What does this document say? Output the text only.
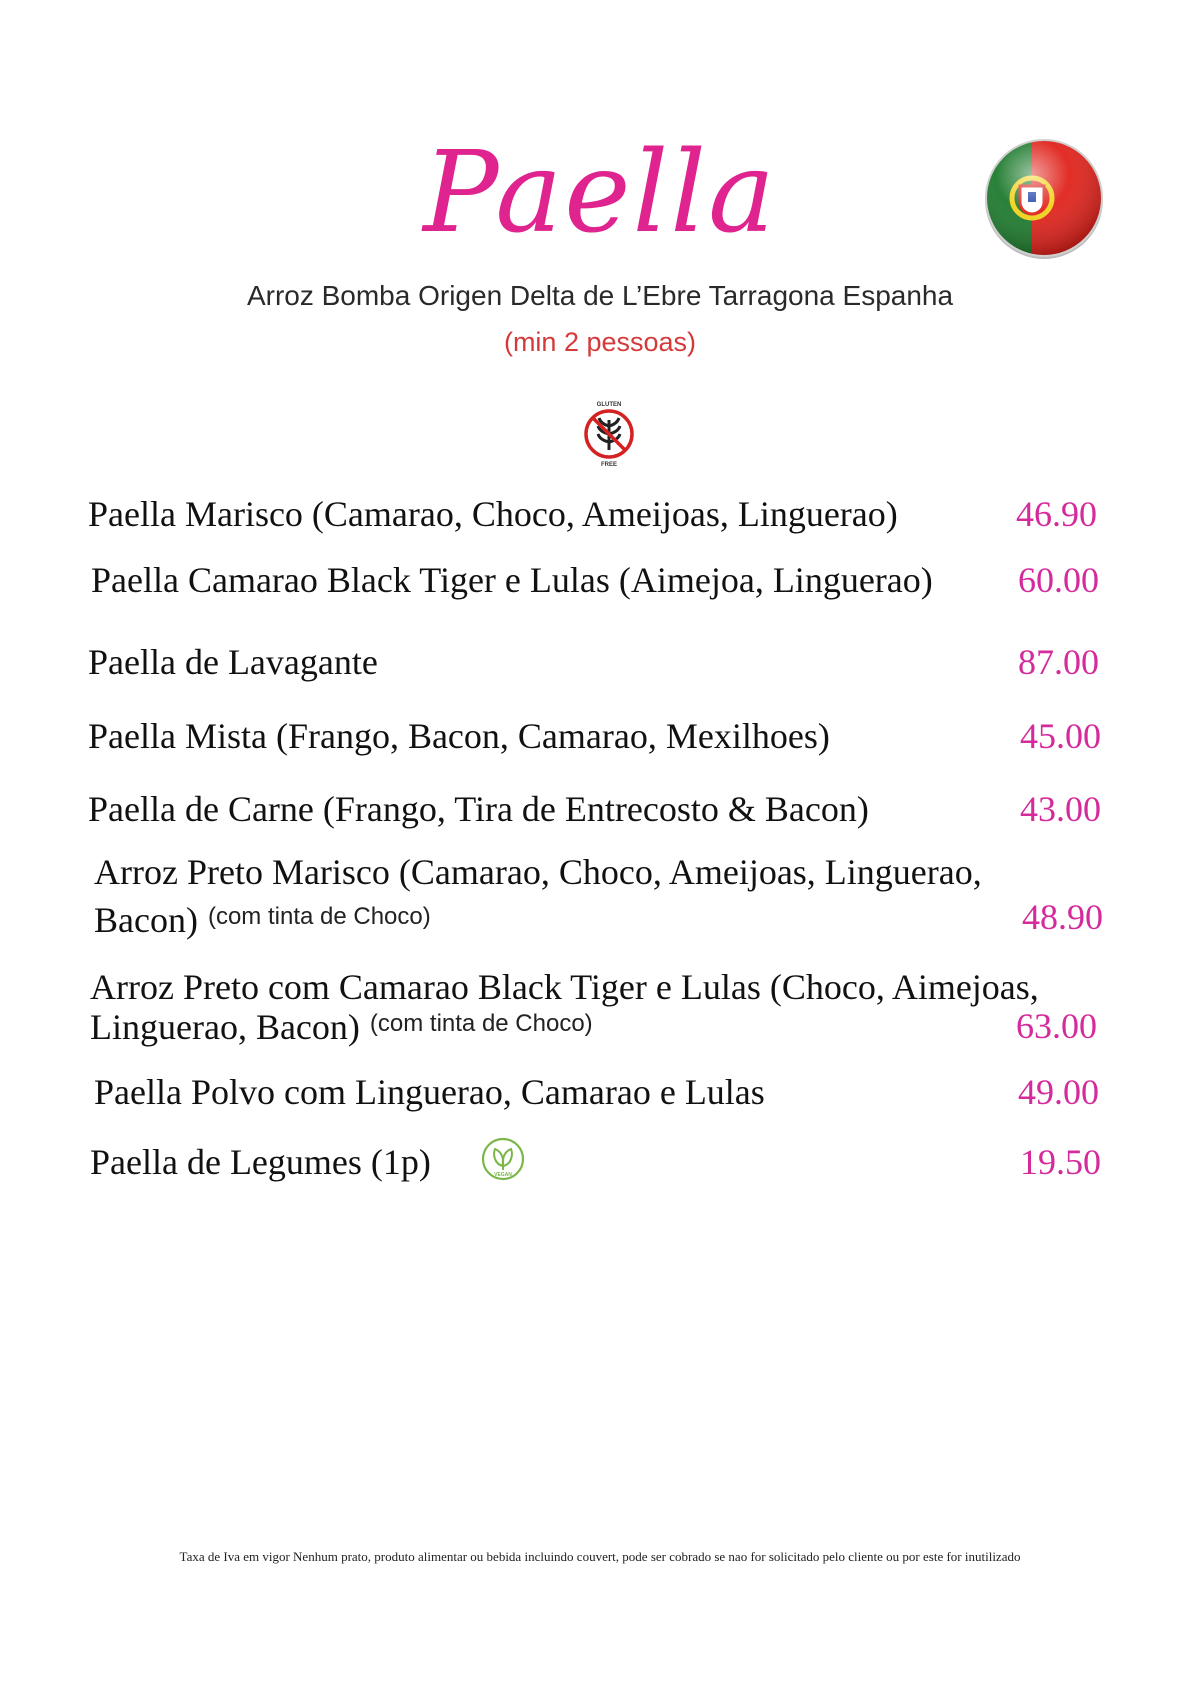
Paella
Arroz Bomba Origen Delta de L’Ebre Tarragona Espanha
(min 2 pessoas)
GLUTEN
FREE
Paella Marisco (Camarao, Choco, Ameijoas, Linguerao)	46.90
Paella Camarao Black Tiger e Lulas (Aimejoa, Linguerao) 60.00
Paella de Lavagante	87.00
Paella Mista (Frango, Bacon, Camarao, Mexilhoes)	45.00
Paella de Carne (Frango, Tira de Entrecosto & Bacon)	43.00
Arroz Preto Marisco (Camarao, Choco, Ameijoas, Linguerao,
Bacon) $^{(com tinta de Choco)}$	48.90
Arroz Preto com Camarao Black Tiger e Lulas (Choco, Aimejoas,
Linguerao, Bacon) $^{(com tinta de Choco)}$	63.00
Paella Polvo com Linguerao, Camarao e Lulas	49.00
Paella de Legumes (1p)	19.50
VEGAN
Taxa de Iva em vigor Nenhum prato, produto alimentar ou bebida incluindo couvert, pode ser cobrado se nao for solicitado pelo cliente ou por este for inutilizado
